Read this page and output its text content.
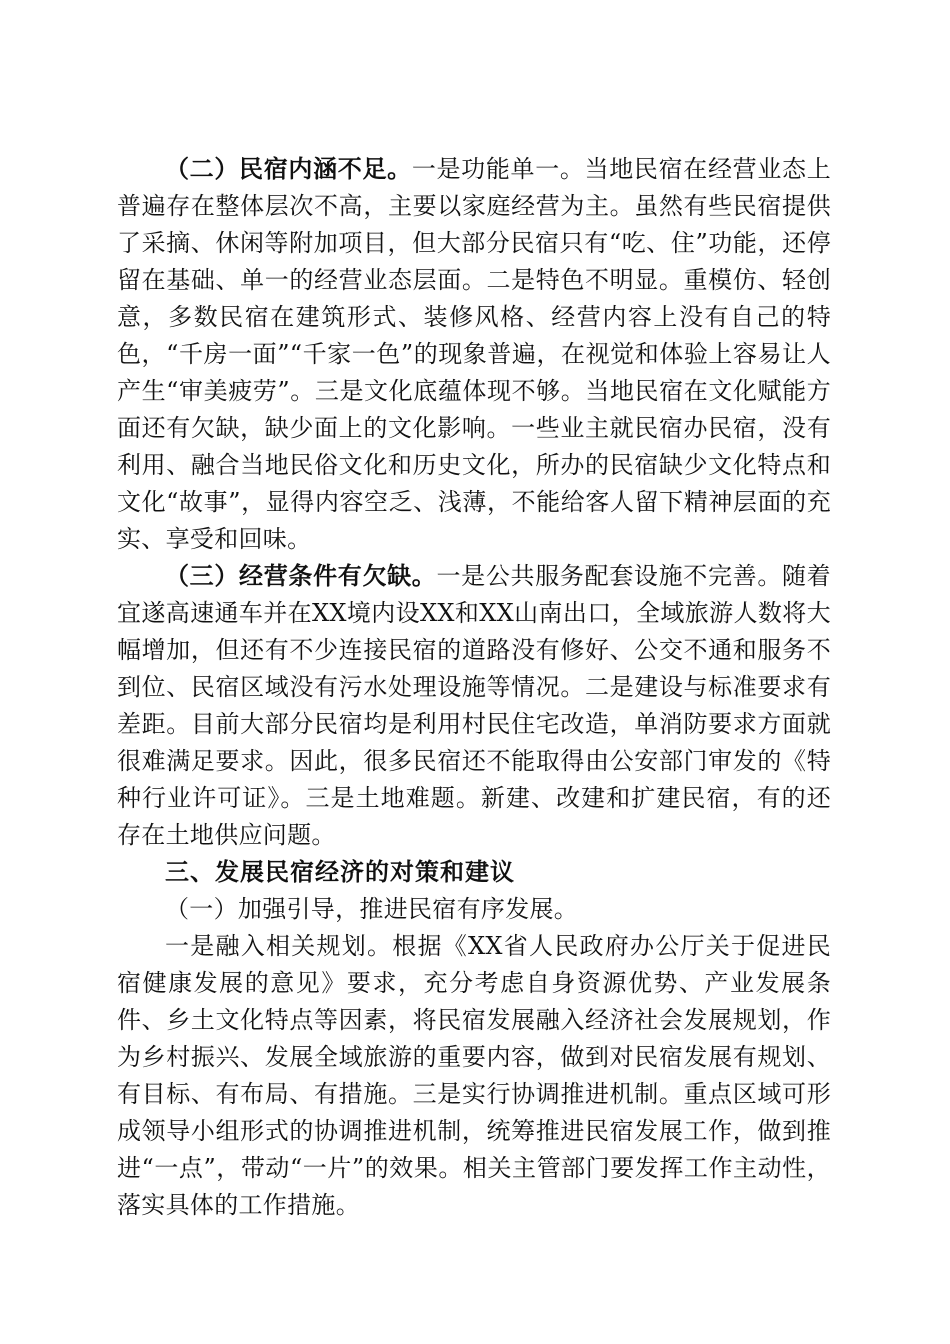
（二）民宿内涵不足。一是功能单一。当地民宿在经营业态上普遍存在整体层次不高，主要以家庭经营为主。虽然有些民宿提供了采摘、休闲等附加项目，但大部分民宿只有“吃、住”功能，还停留在基础、单一的经营业态层面。二是特色不明显。重模仿、轻创意，多数民宿在建筑形式、装修风格、经营内容上没有自己的特色，“千房一面”“千家一色”的现象普遍，在视觉和体验上容易让人产生“审美疲劳”。三是文化底蕴体现不够。当地民宿在文化赋能方面还有欠缺，缺少面上的文化影响。一些业主就民宿办民宿，没有利用、融合当地民俗文化和历史文化，所办的民宿缺少文化特点和文化“故事”，显得内容空乏、浅薄，不能给客人留下精神层面的充实、享受和回味。

（三）经营条件有欠缺。一是公共服务配套设施不完善。随着宜遂高速通车并在XX境内设XX和XX山南出口，全域旅游人数将大幅增加，但还有不少连接民宿的道路没有修好、公交不通和服务不到位、民宿区域没有污水处理设施等情况。二是建设与标准要求有差距。目前大部分民宿均是利用村民住宅改造，单消防要求方面就很难满足要求。因此，很多民宿还不能取得由公安部门审发的《特种行业许可证》。三是土地难题。新建、改建和扩建民宿，有的还存在土地供应问题。

三、发展民宿经济的对策和建议

（一）加强引导，推进民宿有序发展。

一是融入相关规划。根据《XX省人民政府办公厅关于促进民宿健康发展的意见》要求，充分考虑自身资源优势、产业发展条件、乡土文化特点等因素，将民宿发展融入经济社会发展规划，作为乡村振兴、发展全域旅游的重要内容，做到对民宿发展有规划、有目标、有布局、有措施。三是实行协调推进机制。重点区域可形成领导小组形式的协调推进机制，统筹推进民宿发展工作，做到推进“一点”，带动“一片”的效果。相关主管部门要发挥工作主动性，落实具体的工作措施。
